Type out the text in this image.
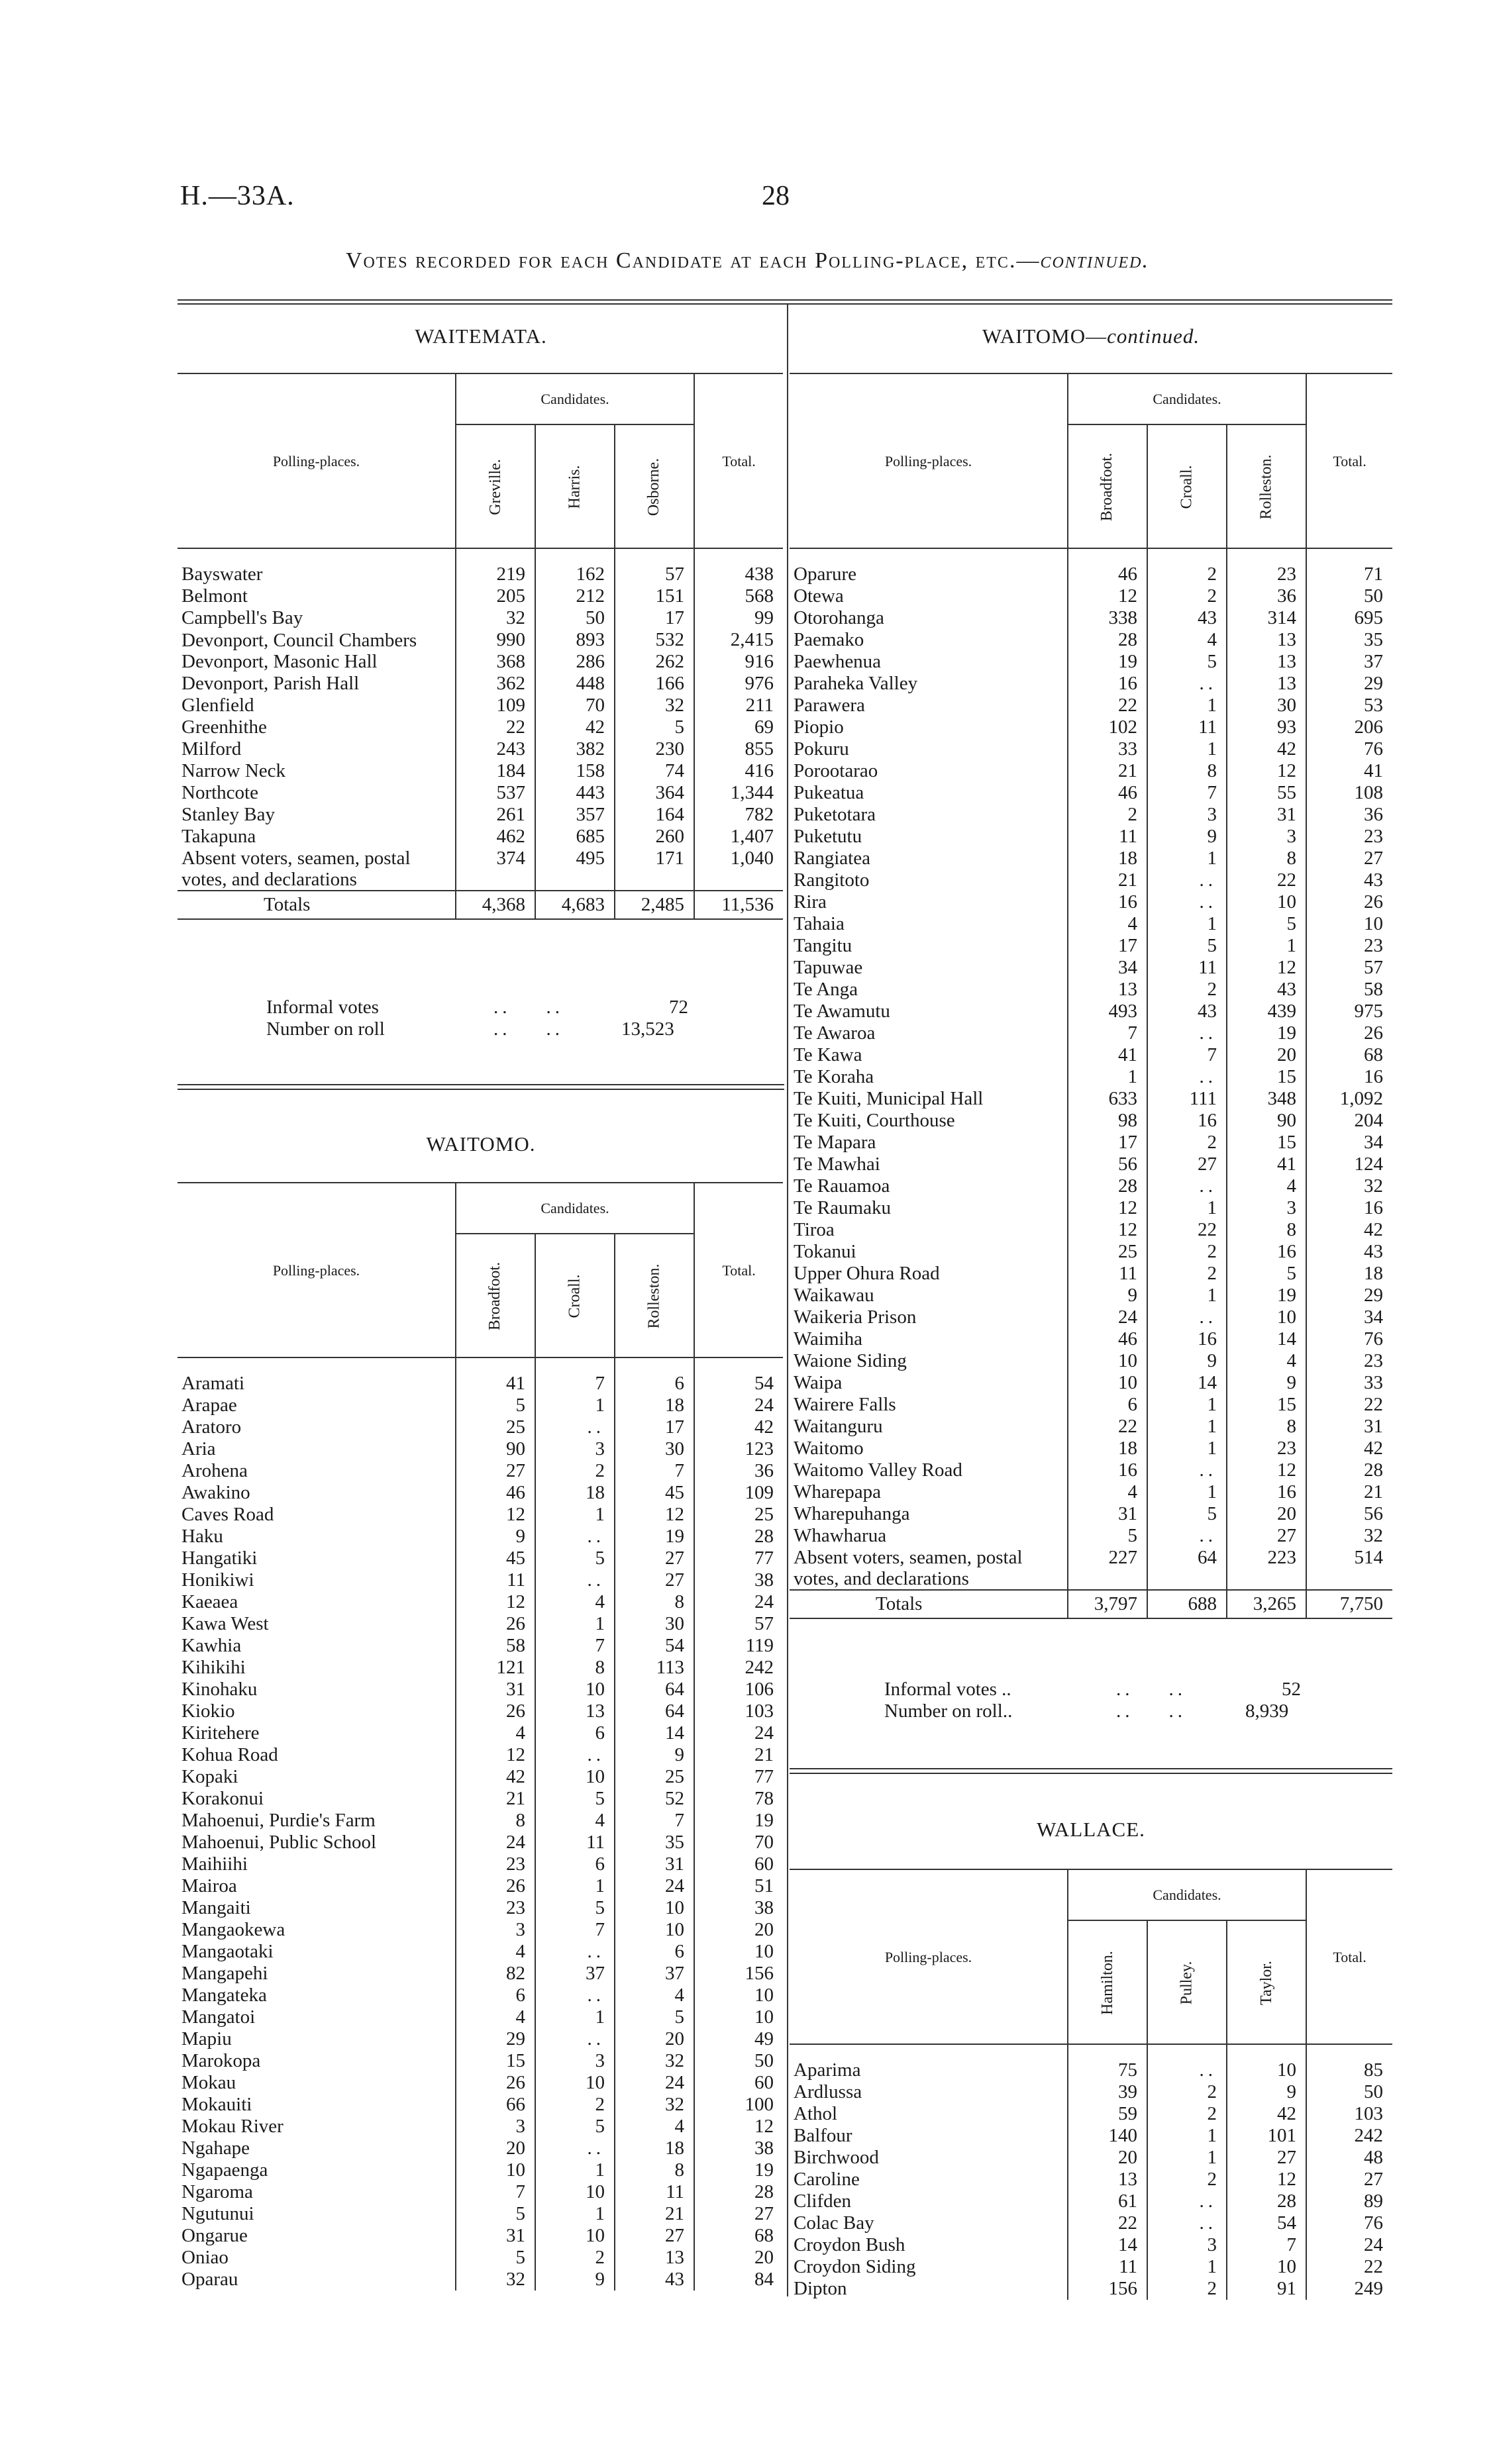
H.—33A.	28
Votes recorded for each Candidate at each Polling-place, etc.—continued.
WAITEMATA.
Polling-places.	Candidates.			Total.
	Greville.	Harris.	Osborne.	
Bayswater	219	162	57	438
Belmont	205	212	151	568
Campbell's Bay	32	50	17	99
Devonport, Council Chambers	990	893	532	2,415
Devonport, Masonic Hall	368	286	262	916
Devonport, Parish Hall	362	448	166	976
Glenfield	109	70	32	211
Greenhithe	22	42	5	69
Milford	243	382	230	855
Narrow Neck	184	158	74	416
Northcote	537	443	364	1,344
Stanley Bay	261	357	164	782
Takapuna	462	685	260	1,407
Absent voters, seamen, postal votes, and declarations	374	495	171	1,040
Totals	4,368	4,683	2,485	11,536
Informal votes	..    ..	72
Number on roll	..    ..	13,523
WAITOMO.
Polling-places.	Candidates.			Total.
	Broadfoot.	Croall.	Rolleston.	
Aramati	41	7	6	54
Arapae	5	1	18	24
Aratoro	25	..	17	42
Aria	90	3	30	123
Arohena	27	2	7	36
Awakino	46	18	45	109
Caves Road	12	1	12	25
Haku	9	..	19	28
Hangatiki	45	5	27	77
Honikiwi	11	..	27	38
Kaeaea	12	4	8	24
Kawa West	26	1	30	57
Kawhia	58	7	54	119
Kihikihi	121	8	113	242
Kinohaku	31	10	64	106
Kiokio	26	13	64	103
Kiritehere	4	6	14	24
Kohua Road	12	..	9	21
Kopaki	42	10	25	77
Korakonui	21	5	52	78
Mahoenui, Purdie's Farm	8	4	7	19
Mahoenui, Public School	24	11	35	70
Maihiihi	23	6	31	60
Mairoa	26	1	24	51
Mangaiti	23	5	10	38
Mangaokewa	3	7	10	20
Mangaotaki	4	..	6	10
Mangapehi	82	37	37	156
Mangateka	6	..	4	10
Mangatoi	4	1	5	10
Mapiu	29	..	20	49
Marokopa	15	3	32	50
Mokau	26	10	24	60
Mokauiti	66	2	32	100
Mokau River	3	5	4	12
Ngahape	20	..	18	38
Ngapaenga	10	1	8	19
Ngaroma	7	10	11	28
Ngutunui	5	1	21	27
Ongarue	31	10	27	68
Oniao	5	2	13	20
Oparau	32	9	43	84
WAITOMO—continued.
Polling-places.	Candidates.			Total.
	Broadfoot.	Croall.	Rolleston.	
Oparure	46	2	23	71
Otewa	12	2	36	50
Otorohanga	338	43	314	695
Paemako	28	4	13	35
Paewhenua	19	5	13	37
Paraheka Valley	16	..	13	29
Parawera	22	1	30	53
Piopio	102	11	93	206
Pokuru	33	1	42	76
Porootarao	21	8	12	41
Pukeatua	46	7	55	108
Puketotara	2	3	31	36
Puketutu	11	9	3	23
Rangiatea	18	1	8	27
Rangitoto	21	..	22	43
Rira	16	..	10	26
Tahaia	4	1	5	10
Tangitu	17	5	1	23
Tapuwae	34	11	12	57
Te Anga	13	2	43	58
Te Awamutu	493	43	439	975
Te Awaroa	7	..	19	26
Te Kawa	41	7	20	68
Te Koraha	1	..	15	16
Te Kuiti, Municipal Hall	633	111	348	1,092
Te Kuiti, Courthouse	98	16	90	204
Te Mapara	17	2	15	34
Te Mawhai	56	27	41	124
Te Rauamoa	28	..	4	32
Te Raumaku	12	1	3	16
Tiroa	12	22	8	42
Tokanui	25	2	16	43
Upper Ohura Road	11	2	5	18
Waikawau	9	1	19	29
Waikeria Prison	24	..	10	34
Waimiha	46	16	14	76
Waione Siding	10	9	4	23
Waipa	10	14	9	33
Wairere Falls	6	1	15	22
Waitanguru	22	1	8	31
Waitomo	18	1	23	42
Waitomo Valley Road	16	..	12	28
Wharepapa	4	1	16	21
Wharepuhanga	31	5	20	56
Whawharua	5	..	27	32
Absent voters, seamen, postal votes, and declarations	227	64	223	514
Totals	3,797	688	3,265	7,750
Informal votes ..	..    ..	52
Number on roll..	..    ..	8,939
WALLACE.
Polling-places.	Candidates.			Total.
	Hamilton.	Pulley.	Taylor.	
Aparima	75	..	10	85
Ardlussa	39	2	9	50
Athol	59	2	42	103
Balfour	140	1	101	242
Birchwood	20	1	27	48
Caroline	13	2	12	27
Clifden	61	..	28	89
Colac Bay	22	..	54	76
Croydon Bush	14	3	7	24
Croydon Siding	11	1	10	22
Dipton	156	2	91	249
